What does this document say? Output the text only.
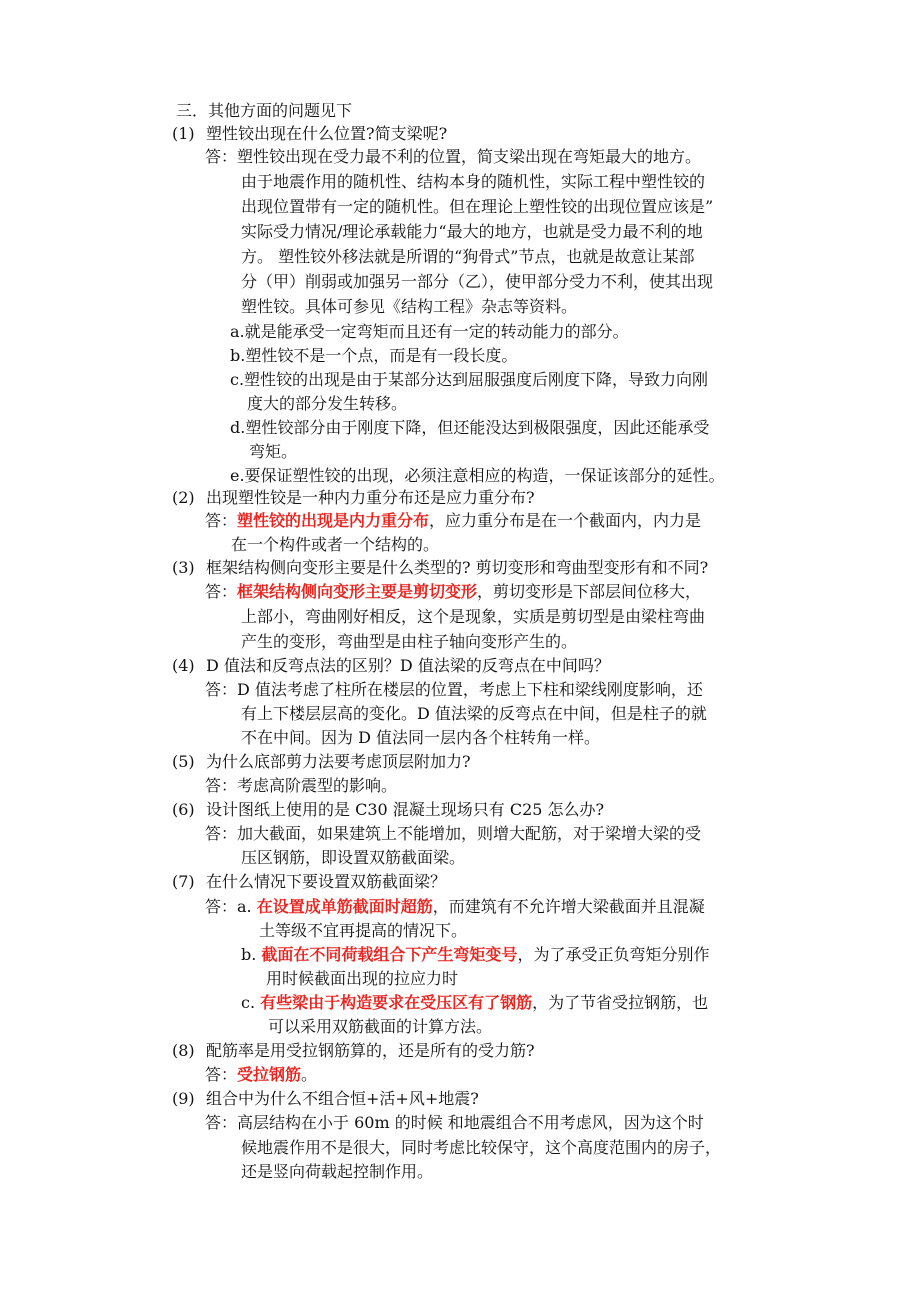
三．其他方面的问题见下
(1) 塑性铰出现在什么位置?简支梁呢?
答：塑性铰出现在受力最不利的位置，简支梁出现在弯矩最大的地方。
由于地震作用的随机性、结构本身的随机性，实际工程中塑性铰的
出现位置带有一定的随机性。但在理论上塑性铰的出现位置应该是”
实际受力情况/理论承载能力“最大的地方，也就是受力最不利的地
方。 塑性铰外移法就是所谓的“狗骨式”节点，也就是故意让某部
分（甲）削弱或加强另一部分（乙），使甲部分受力不利，使其出现
塑性铰。具体可参见《结构工程》杂志等资料。
a.就是能承受一定弯矩而且还有一定的转动能力的部分。
b.塑性铰不是一个点，而是有一段长度。
c.塑性铰的出现是由于某部分达到屈服强度后刚度下降，导致力向刚
度大的部分发生转移。
d.塑性铰部分由于刚度下降，但还能没达到极限强度，因此还能承受
弯矩。
e.要保证塑性铰的出现，必须注意相应的构造，一保证该部分的延性。
(2) 出现塑性铰是一种内力重分布还是应力重分布?
答：塑性铰的出现是内力重分布，应力重分布是在一个截面内，内力是
在一个构件或者一个结构的。
(3) 框架结构侧向变形主要是什么类型的? 剪切变形和弯曲型变形有和不同?
答：框架结构侧向变形主要是剪切变形，剪切变形是下部层间位移大，
上部小，弯曲刚好相反，这个是现象，实质是剪切型是由梁柱弯曲
产生的变形，弯曲型是由柱子轴向变形产生的。
(4) D 值法和反弯点法的区别？D 值法梁的反弯点在中间吗？
答：D 值法考虑了柱所在楼层的位置，考虑上下柱和梁线刚度影响，还
有上下楼层层高的变化。D 值法梁的反弯点在中间，但是柱子的就
不在中间。因为 D 值法同一层内各个柱转角一样。
(5) 为什么底部剪力法要考虑顶层附加力?
答：考虑高阶震型的影响。
(6) 设计图纸上使用的是 C30 混凝土现场只有 C25 怎么办?
答：加大截面，如果建筑上不能增加，则增大配筋，对于梁增大梁的受
压区钢筋，即设置双筋截面梁。
(7) 在什么情况下要设置双筋截面梁？
答：a. 在设置成单筋截面时超筋，而建筑有不允许增大梁截面并且混凝
土等级不宜再提高的情况下。
b. 截面在不同荷载组合下产生弯矩变号，为了承受正负弯矩分别作
用时候截面出现的拉应力时
c. 有些梁由于构造要求在受压区有了钢筋，为了节省受拉钢筋，也
可以采用双筋截面的计算方法。
(8) 配筋率是用受拉钢筋算的，还是所有的受力筋?
答：受拉钢筋。
(9) 组合中为什么不组合恒+活+风+地震?
答：高层结构在小于 60m 的时候 和地震组合不用考虑风，因为这个时
候地震作用不是很大，同时考虑比较保守，这个高度范围内的房子，
还是竖向荷载起控制作用。
